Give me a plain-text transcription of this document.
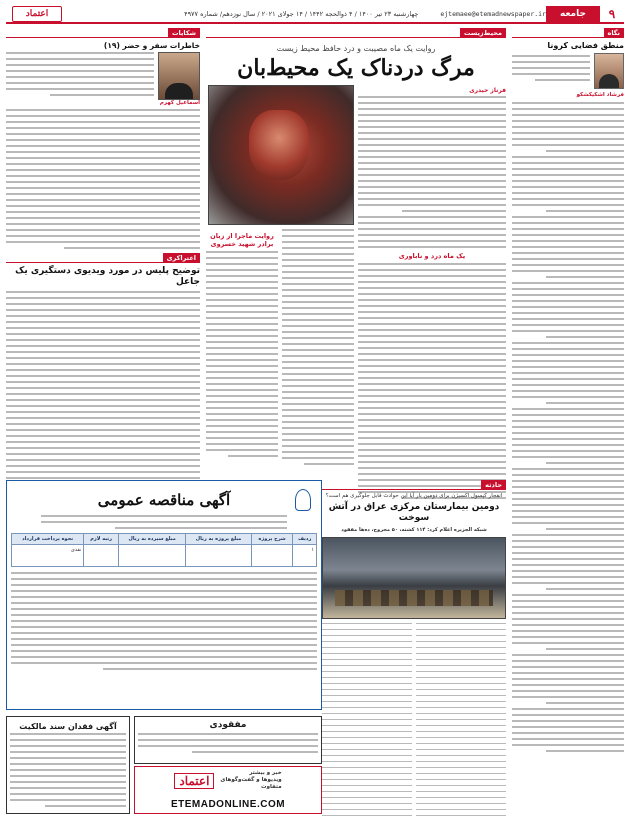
۹
جامعه
ejtemaee@etemadnewspaper.ir
چهارشنبه ۲۳ تیر ۱۴۰۰ / ۴ ذوالحجه ۱۴۴۲ / ۱۴ جولای ۲۰۲۱ / سال نوزدهم/ شماره ۴۹۷۷
اعتماد
نگاه
منطق فضایی کرونا
فرشاد اشکیکشکو
محیط‌زیست
روایت یک ماه مصیبت و درد حافظ محیط زیست
مرگ دردناک یک محیط‌بان
فرناز حیدری
یک ماه درد و ناباوری
روایت ماجرا از زبان برادر شهید خسروی
حادثه
انفجار کپسول اکسیژن برای دومین بار آیا این حوادث قابل جلوگیری هم است؟
دومین بیمارستان مرکزی عراق در آتش سوخت
شبکه الجزیره اعلام کرد: ۱۱۴ کشته، ۵۰ مجروح، ده‌ها مفقود
شکایات
خاطرات سفر و حضر (۱۹)
اسماعیل کهرم
اعتراکری
توضیح پلیس در مورد ویدیوی دستگیری یک جاعل
آگهی مناقصه عمومی
ردیف	شرح پروژه	مبلغ پروژه به ریال	مبلغ سپرده به ریال	رتبه لازم	نحوه پرداخت قرارداد
۱					نقدی
مفقودی
آگهی فقدان سند مالکیت
خبر و بیشتر
ویدیوها و گفت‌وگوهای
متفاوت
اعتماد
ETEMADONLINE.COM
